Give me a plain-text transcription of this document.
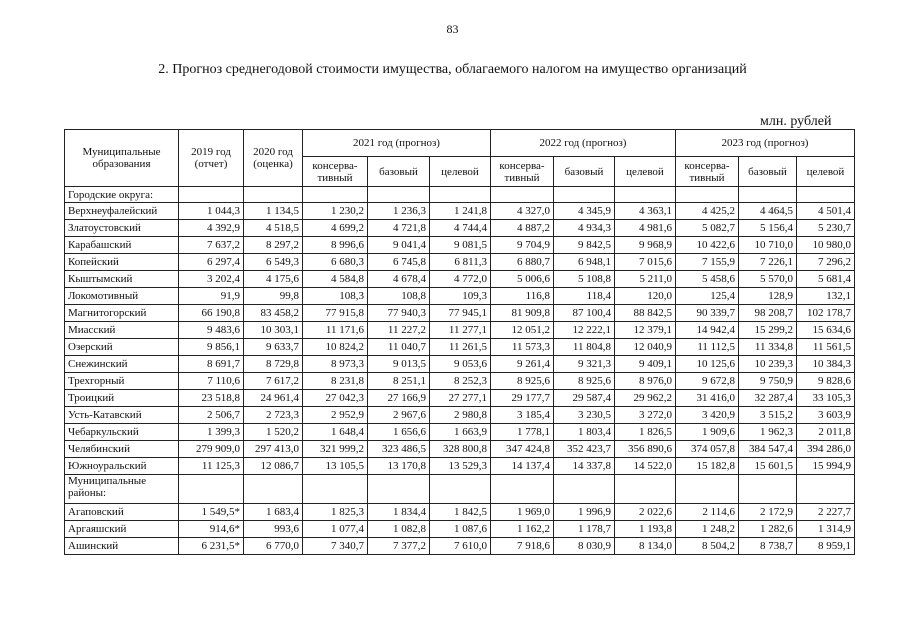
83
2. Прогноз среднегодовой стоимости имущества, облагаемого налогом на имущество организаций
млн. рублей
Муниципальные образования	2019 год (отчет)	2020 год (оценка)	2021 год (прогноз)			2022 год (прогноз)			2023 год (прогноз)		
			консерва-тивный	базовый	целевой	консерва-тивный	базовый	целевой	консерва-тивный	базовый	целевой
Городские округа:											
Верхнеуфалейский	1 044,3	1 134,5	1 230,2	1 236,3	1 241,8	4 327,0	4 345,9	4 363,1	4 425,2	4 464,5	4 501,4
Златоустовский	4 392,9	4 518,5	4 699,2	4 721,8	4 744,4	4 887,2	4 934,3	4 981,6	5 082,7	5 156,4	5 230,7
Карабашский	7 637,2	8 297,2	8 996,6	9 041,4	9 081,5	9 704,9	9 842,5	9 968,9	10 422,6	10 710,0	10 980,0
Копейский	6 297,4	6 549,3	6 680,3	6 745,8	6 811,3	6 880,7	6 948,1	7 015,6	7 155,9	7 226,1	7 296,2
Кыштымский	3 202,4	4 175,6	4 584,8	4 678,4	4 772,0	5 006,6	5 108,8	5 211,0	5 458,6	5 570,0	5 681,4
Локомотивный	91,9	99,8	108,3	108,8	109,3	116,8	118,4	120,0	125,4	128,9	132,1
Магнитогорский	66 190,8	83 458,2	77 915,8	77 940,3	77 945,1	81 909,8	87 100,4	88 842,5	90 339,7	98 208,7	102 178,7
Миасский	9 483,6	10 303,1	11 171,6	11 227,2	11 277,1	12 051,2	12 222,1	12 379,1	14 942,4	15 299,2	15 634,6
Озерский	9 856,1	9 633,7	10 824,2	11 040,7	11 261,5	11 573,3	11 804,8	12 040,9	11 112,5	11 334,8	11 561,5
Снежинский	8 691,7	8 729,8	8 973,3	9 013,5	9 053,6	9 261,4	9 321,3	9 409,1	10 125,6	10 239,3	10 384,3
Трехгорный	7 110,6	7 617,2	8 231,8	8 251,1	8 252,3	8 925,6	8 925,6	8 976,0	9 672,8	9 750,9	9 828,6
Троицкий	23 518,8	24 961,4	27 042,3	27 166,9	27 277,1	29 177,7	29 587,4	29 962,2	31 416,0	32 287,4	33 105,3
Усть-Катавский	2 506,7	2 723,3	2 952,9	2 967,6	2 980,8	3 185,4	3 230,5	3 272,0	3 420,9	3 515,2	3 603,9
Чебаркульский	1 399,3	1 520,2	1 648,4	1 656,6	1 663,9	1 778,1	1 803,4	1 826,5	1 909,6	1 962,3	2 011,8
Челябинский	279 909,0	297 413,0	321 999,2	323 486,5	328 800,8	347 424,8	352 423,7	356 890,6	374 057,8	384 547,4	394 286,0
Южноуральский	11 125,3	12 086,7	13 105,5	13 170,8	13 529,3	14 137,4	14 337,8	14 522,0	15 182,8	15 601,5	15 994,9
Муниципальные районы:											
Агаповский	1 549,5*	1 683,4	1 825,3	1 834,4	1 842,5	1 969,0	1 996,9	2 022,6	2 114,6	2 172,9	2 227,7
Аргаяшский	914,6*	993,6	1 077,4	1 082,8	1 087,6	1 162,2	1 178,7	1 193,8	1 248,2	1 282,6	1 314,9
Ашинский	6 231,5*	6 770,0	7 340,7	7 377,2	7 610,0	7 918,6	8 030,9	8 134,0	8 504,2	8 738,7	8 959,1
